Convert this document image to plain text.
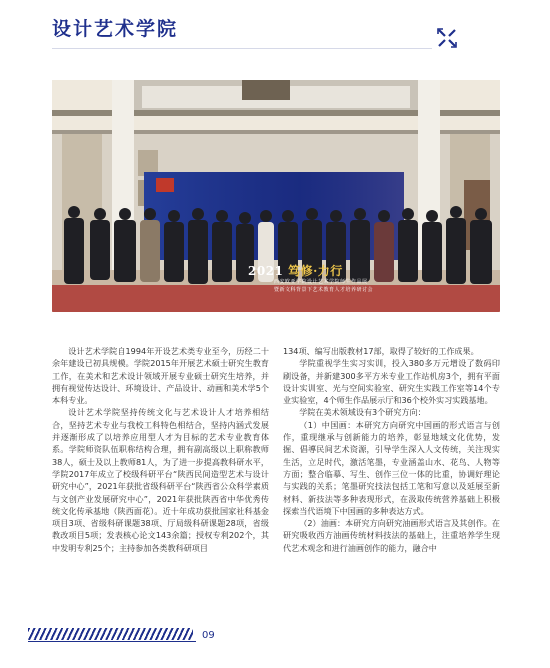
设计艺术学院
2021 笃修·力行
西安欧亚学院设计艺术学院师生作品展
暨新文科背景下艺术教育人才培养研讨会

设计艺术学院自1994年开设艺术类专业至今，历经二十余年建设已初具规模。学院2015年开展艺术硕士研究生教育工作，在美术和艺术设计领域开展专业硕士研究生培养，并拥有视觉传达设计、环境设计、产品设计、动画和美术学5个本科专业。

设计艺术学院坚持传统文化与艺术设计人才培养相结合，坚持艺术专业与我校工科特色相结合，坚持内涵式发展并逐渐形成了以培养应用型人才为目标的艺术专业教育体系。学院师资队伍职称结构合理，拥有副高级以上职称教师38人，硕士及以上教师81人，为了进一步提高教科研水平，学院2017年成立了校级科研平台“陕西民间造型艺术与设计研究中心”，2021年获批省级科研平台“陕西省公众科学素质与文创产业发展研究中心”，2021年获批陕西省中华优秀传统文化传承基地（陕西面花）。近十年成功获批国家社科基金项目3项、省级科研课题38项、厅局级科研课题28项，省级教改项目5项；发表核心论文143余篇；授权专利202个，其中发明专利25个；主持参加各类教科研项目

134项、编写出版教材17部，取得了较好的工作成果。

学院重视学生实习实训，投入380多万元增设了数码印刷设备，并新建300多平方米专业工作站机房3个，拥有平面设计实训室、光与空间实验室、研究生实践工作室等14个专业实验室，4个师生作品展示厅和36个校外实习实践基地。

学院在美术领域设有3个研究方向：

（1）中国画：本研究方向研究中国画的形式语言与创作，重现继承与创新能力的培养，彰显地域文化优势，发掘、倡導民间艺术资源，引导学生深入人文传统，关注现实生活，立足时代，激活笔墨，专业涵盖山水、花鸟、人物等方面；整合临摹、写生、创作三位一体的比重，协调好理论与实践的关系；笔墨研究技法包括工笔和写意以及延展至新材料、新技法等多种表现形式，在汲取传统营养基础上积极探索当代语境下中国画的多种表达方式。

（2）油画：本研究方向研究油画形式语言及其创作。在研究吸收西方油画传统材料技法的基础上，注重培养学生现代艺术观念和进行油画创作的能力，融合中

09
